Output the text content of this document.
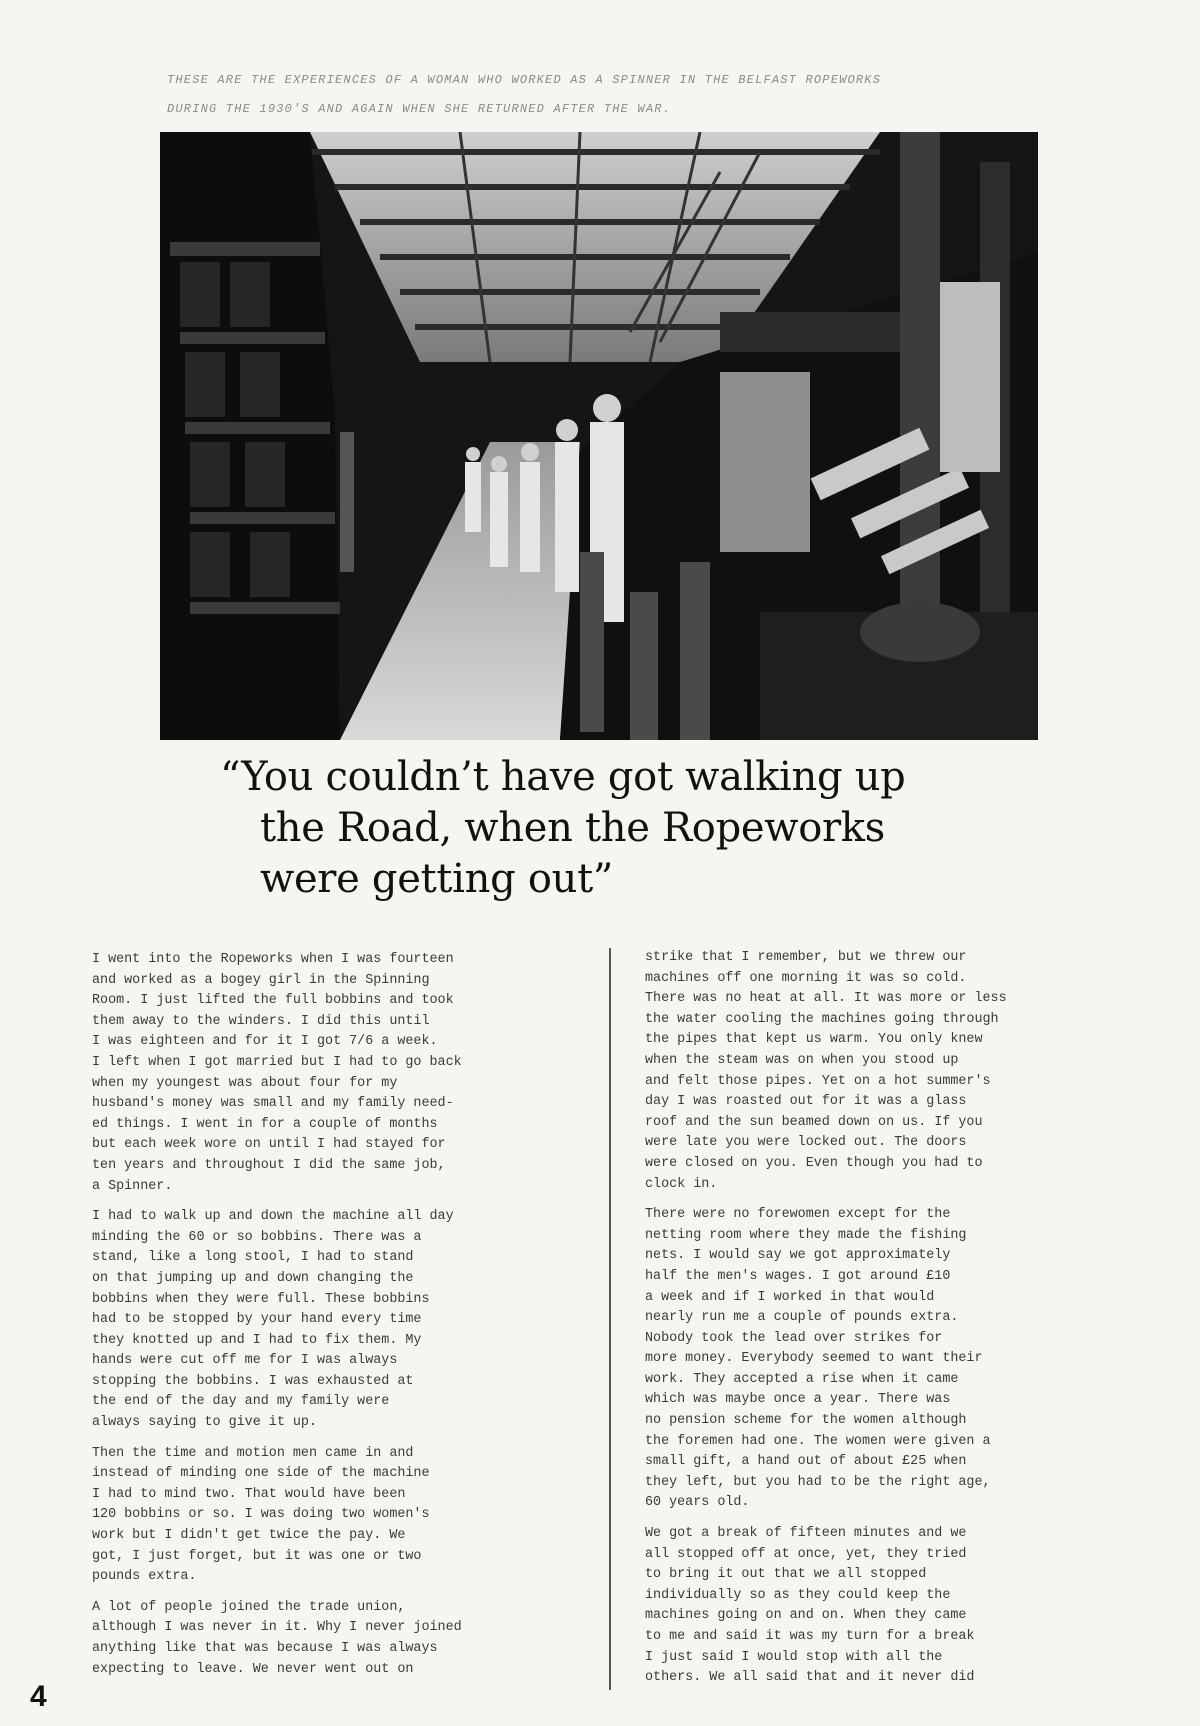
THESE ARE THE EXPERIENCES OF A WOMAN WHO WORKED AS A SPINNER IN THE BELFAST ROPEWORKS

DURING THE 1930'S AND AGAIN WHEN SHE RETURNED AFTER THE WAR.

“You couldn’t have got walking up
the Road, when the Ropeworks
were getting out”

I went into the Ropeworks when I was fourteen
and worked as a bogey girl in the Spinning
Room. I just lifted the full bobbins and took
them away to the winders. I did this until
I was eighteen and for it I got 7/6 a week.
I left when I got married but I had to go back
when my youngest was about four for my
husband's money was small and my family need-
ed things. I went in for a couple of months
but each week wore on until I had stayed for
ten years and throughout I did the same job,
a Spinner.

I had to walk up and down the machine all day
minding the 60 or so bobbins. There was a
stand, like a long stool, I had to stand
on that jumping up and down changing the
bobbins when they were full. These bobbins
had to be stopped by your hand every time
they knotted up and I had to fix them. My
hands were cut off me for I was always
stopping the bobbins. I was exhausted at
the end of the day and my family were
always saying to give it up.

Then the time and motion men came in and
instead of minding one side of the machine
I had to mind two. That would have been
120 bobbins or so. I was doing two women's
work but I didn't get twice the pay. We
got, I just forget, but it was one or two
pounds extra.

A lot of people joined the trade union,
although I was never in it. Why I never joined
anything like that was because I was always
expecting to leave. We never went out on

strike that I remember, but we threw our
machines off one morning it was so cold.
There was no heat at all. It was more or less
the water cooling the machines going through
the pipes that kept us warm. You only knew
when the steam was on when you stood up
and felt those pipes. Yet on a hot summer's
day I was roasted out for it was a glass
roof and the sun beamed down on us. If you
were late you were locked out. The doors
were closed on you. Even though you had to
clock in.

There were no forewomen except for the
netting room where they made the fishing
nets. I would say we got approximately
half the men's wages. I got around £10
a week and if I worked in that would
nearly run me a couple of pounds extra.
Nobody took the lead over strikes for
more money. Everybody seemed to want their
work. They accepted a rise when it came
which was maybe once a year. There was
no pension scheme for the women although
the foremen had one. The women were given a
small gift, a hand out of about £25 when
they left, but you had to be the right age,
60 years old.

We got a break of fifteen minutes and we
all stopped off at once, yet, they tried
to bring it out that we all stopped
individually so as they could keep the
machines going on and on. When they came
to me and said it was my turn for a break
I just said I would stop with all the
others. We all said that and it never did

4
